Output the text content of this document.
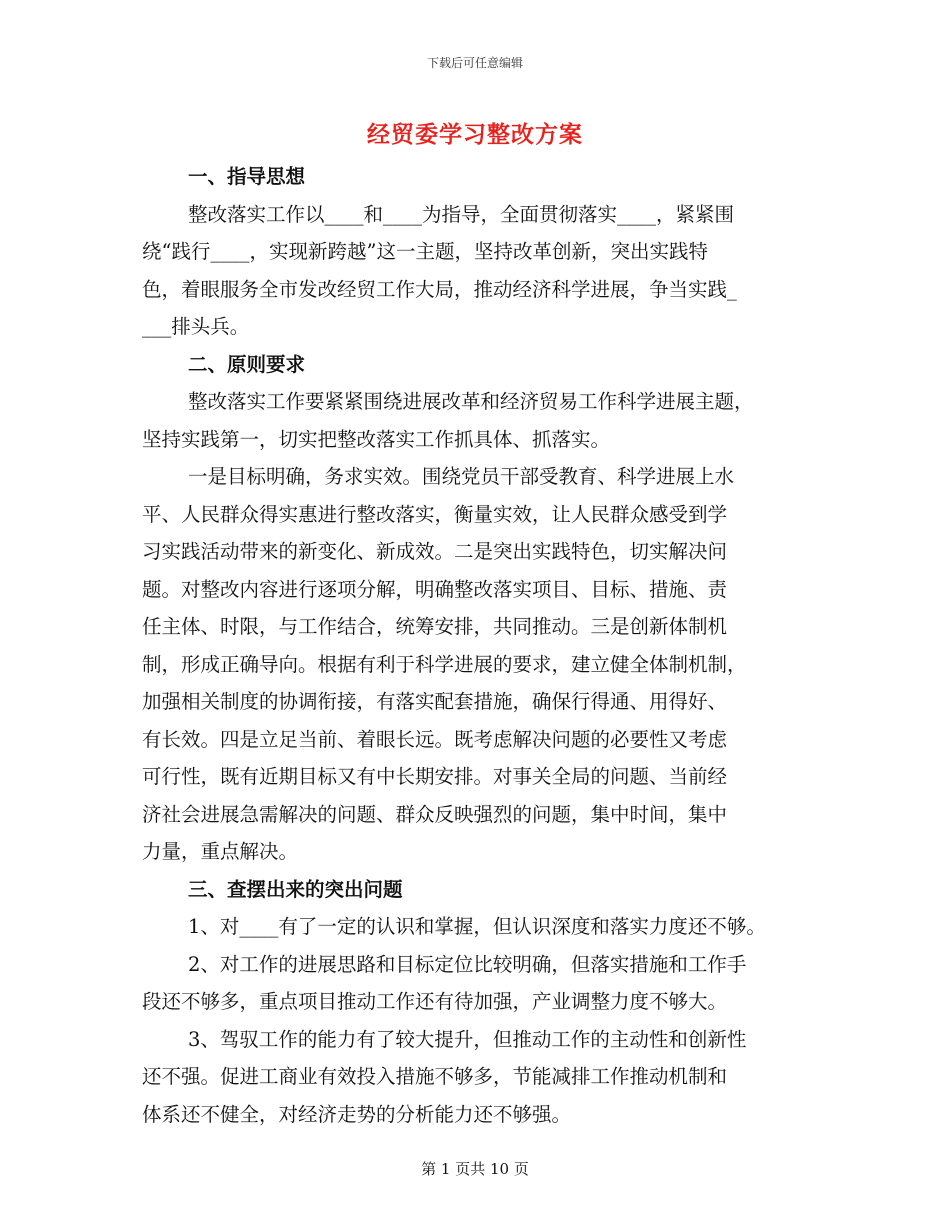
下载后可任意编辑
经贸委学习整改方案
一、指导思想
整改落实工作以____和____为指导，全面贯彻落实____，紧紧围
绕“践行____，实现新跨越”这一主题，坚持改革创新，突出实践特
色，着眼服务全市发改经贸工作大局，推动经济科学进展，争当实践_
___排头兵。
二、原则要求
整改落实工作要紧紧围绕进展改革和经济贸易工作科学进展主题，
坚持实践第一，切实把整改落实工作抓具体、抓落实。
一是目标明确，务求实效。围绕党员干部受教育、科学进展上水
平、人民群众得实惠进行整改落实，衡量实效，让人民群众感受到学
习实践活动带来的新变化、新成效。二是突出实践特色，切实解决问
题。对整改内容进行逐项分解，明确整改落实项目、目标、措施、责
任主体、时限，与工作结合，统筹安排，共同推动。三是创新体制机
制，形成正确导向。根据有利于科学进展的要求，建立健全体制机制，
加强相关制度的协调衔接，有落实配套措施，确保行得通、用得好、
有长效。四是立足当前、着眼长远。既考虑解决问题的必要性又考虑
可行性，既有近期目标又有中长期安排。对事关全局的问题、当前经
济社会进展急需解决的问题、群众反映强烈的问题，集中时间，集中
力量，重点解决。
三、查摆出来的突出问题
1、对____有了一定的认识和掌握，但认识深度和落实力度还不够。
2、对工作的进展思路和目标定位比较明确，但落实措施和工作手
段还不够多，重点项目推动工作还有待加强，产业调整力度不够大。
3、驾驭工作的能力有了较大提升，但推动工作的主动性和创新性
还不强。促进工商业有效投入措施不够多，节能减排工作推动机制和
体系还不健全，对经济走势的分析能力还不够强。
第 1 页共 10 页
